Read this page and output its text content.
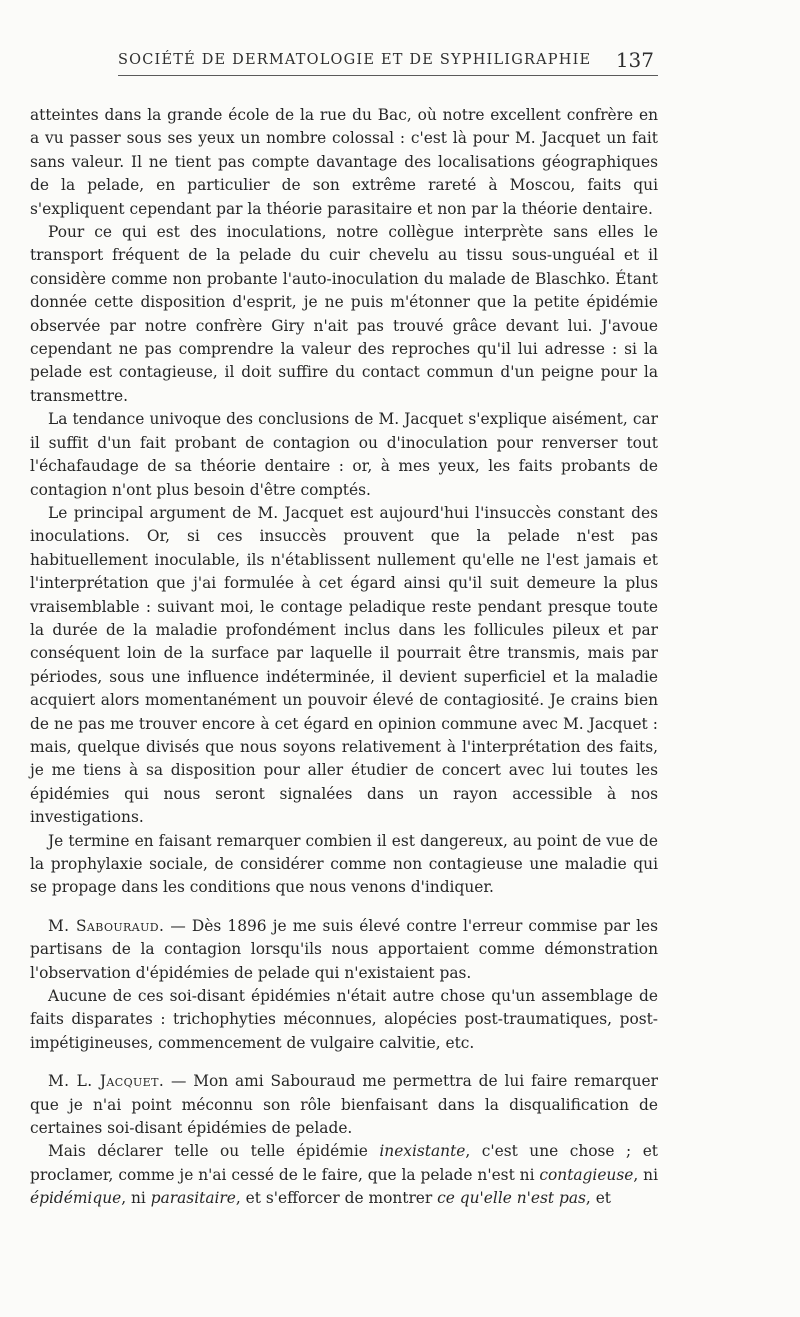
SOCIÉTÉ DE DERMATOLOGIE ET DE SYPHILIGRAPHIE 137

atteintes dans la grande école de la rue du Bac, où notre excellent confrère en a vu passer sous ses yeux un nombre colossal : c'est là pour M. Jacquet un fait sans valeur. Il ne tient pas compte davantage des localisations géographiques de la pelade, en particulier de son extrême rareté à Moscou, faits qui s'expliquent cependant par la théorie parasitaire et non par la théorie dentaire.

Pour ce qui est des inoculations, notre collègue interprète sans elles le transport fréquent de la pelade du cuir chevelu au tissu sous-unguéal et il considère comme non probante l'auto-inoculation du malade de Blaschko. Étant donnée cette disposition d'esprit, je ne puis m'étonner que la petite épidémie observée par notre confrère Giry n'ait pas trouvé grâce devant lui. J'avoue cependant ne pas comprendre la valeur des reproches qu'il lui adresse : si la pelade est contagieuse, il doit suffire du contact commun d'un peigne pour la transmettre.

La tendance univoque des conclusions de M. Jacquet s'explique aisément, car il suffit d'un fait probant de contagion ou d'inoculation pour renverser tout l'échafaudage de sa théorie dentaire : or, à mes yeux, les faits probants de contagion n'ont plus besoin d'être comptés.

Le principal argument de M. Jacquet est aujourd'hui l'insuccès constant des inoculations. Or, si ces insuccès prouvent que la pelade n'est pas habituellement inoculable, ils n'établissent nullement qu'elle ne l'est jamais et l'interprétation que j'ai formulée à cet égard ainsi qu'il suit demeure la plus vraisemblable : suivant moi, le contage peladique reste pendant presque toute la durée de la maladie profondément inclus dans les follicules pileux et par conséquent loin de la surface par laquelle il pourrait être transmis, mais par périodes, sous une influence indéterminée, il devient superficiel et la maladie acquiert alors momentanément un pouvoir élevé de contagiosité. Je crains bien de ne pas me trouver encore à cet égard en opinion commune avec M. Jacquet : mais, quelque divisés que nous soyons relativement à l'interprétation des faits, je me tiens à sa disposition pour aller étudier de concert avec lui toutes les épidémies qui nous seront signalées dans un rayon accessible à nos investigations.

Je termine en faisant remarquer combien il est dangereux, au point de vue de la prophylaxie sociale, de considérer comme non contagieuse une maladie qui se propage dans les conditions que nous venons d'indiquer.

M. Sabouraud. — Dès 1896 je me suis élevé contre l'erreur commise par les partisans de la contagion lorsqu'ils nous apportaient comme démonstration l'observation d'épidémies de pelade qui n'existaient pas.

Aucune de ces soi-disant épidémies n'était autre chose qu'un assemblage de faits disparates : trichophyties méconnues, alopécies post-traumatiques, post-impétigineuses, commencement de vulgaire calvitie, etc.

M. L. Jacquet. — Mon ami Sabouraud me permettra de lui faire remarquer que je n'ai point méconnu son rôle bienfaisant dans la disqualification de certaines soi-disant épidémies de pelade.

Mais déclarer telle ou telle épidémie inexistante, c'est une chose ; et proclamer, comme je n'ai cessé de le faire, que la pelade n'est ni contagieuse, ni épidémique, ni parasitaire, et s'efforcer de montrer ce qu'elle n'est pas, et
